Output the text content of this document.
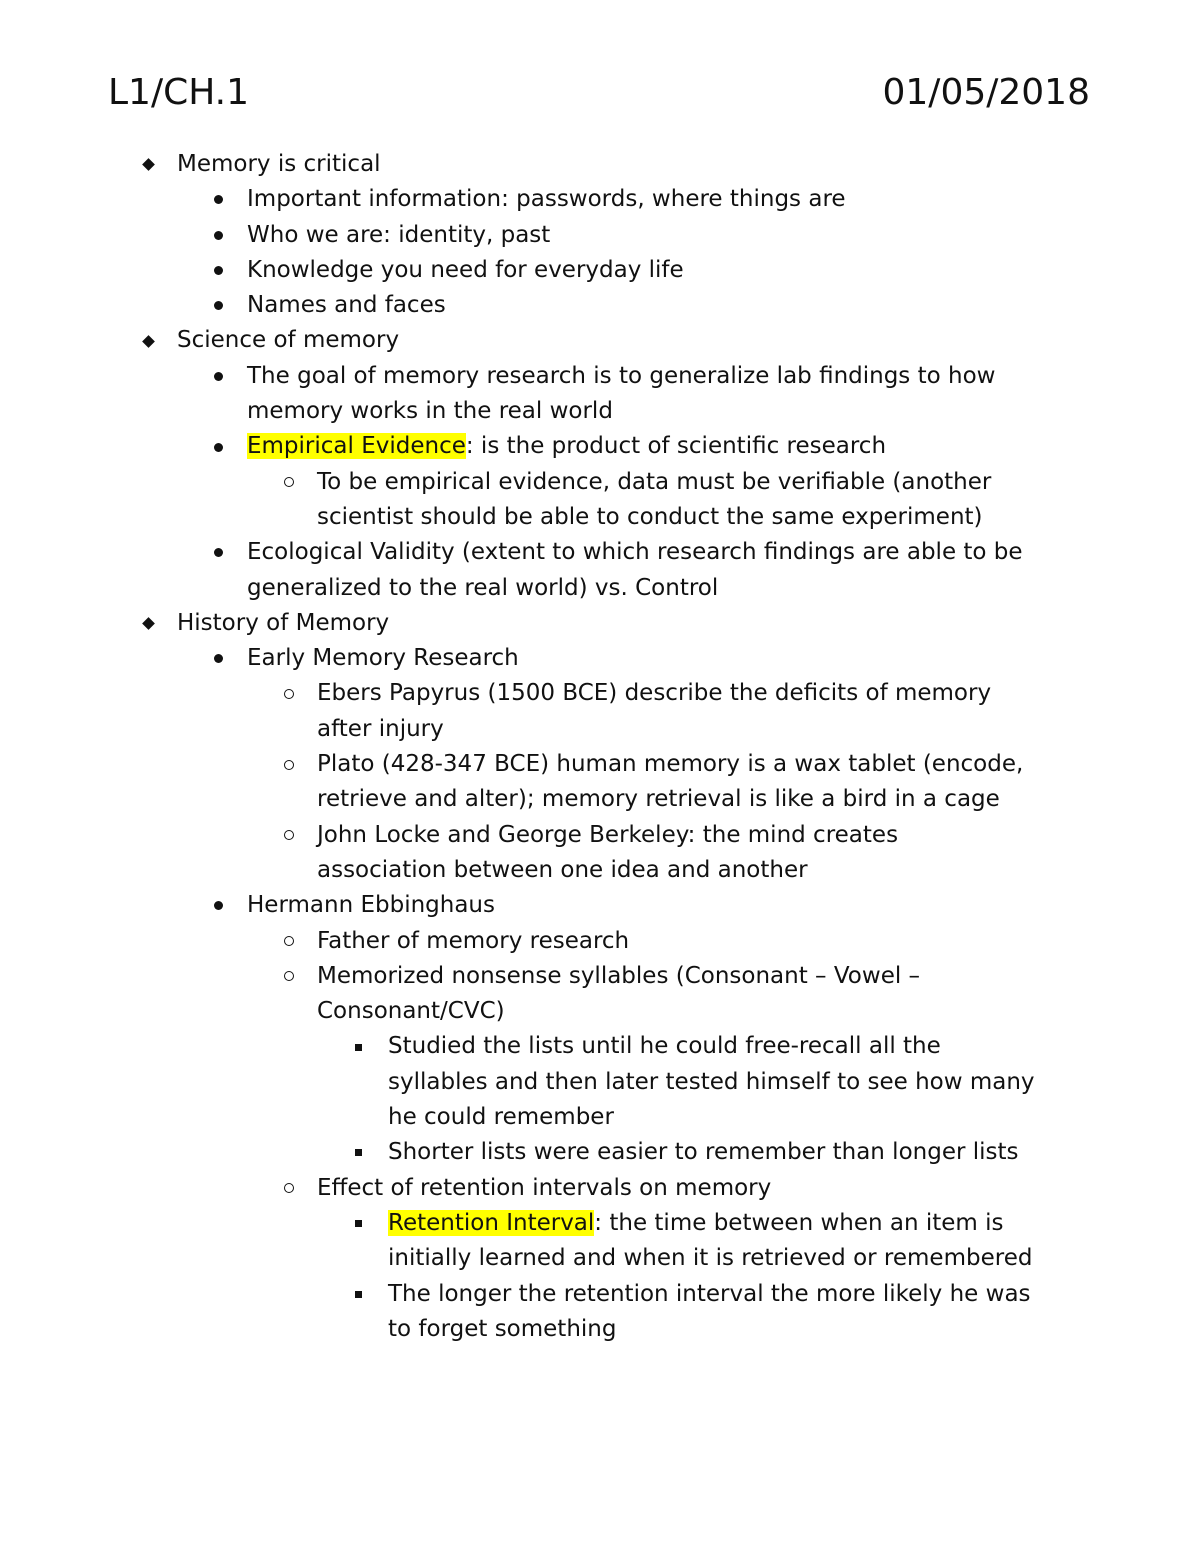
L1/CH.1	01/05/2018
Memory is critical
Important information: passwords, where things are
Who we are: identity, past
Knowledge you need for everyday life
Names and faces
Science of memory
The goal of memory research is to generalize lab findings to how
memory works in the real world
Empirical Evidence: is the product of scientific research
To be empirical evidence, data must be verifiable (another
scientist should be able to conduct the same experiment)
Ecological Validity (extent to which research findings are able to be
generalized to the real world) vs. Control
History of Memory
Early Memory Research
Ebers Papyrus (1500 BCE) describe the deficits of memory
after injury
Plato (428-347 BCE) human memory is a wax tablet (encode,
retrieve and alter); memory retrieval is like a bird in a cage
John Locke and George Berkeley: the mind creates
association between one idea and another
Hermann Ebbinghaus
Father of memory research
Memorized nonsense syllables (Consonant – Vowel –
Consonant/CVC)
Studied the lists until he could free-recall all the
syllables and then later tested himself to see how many
he could remember
Shorter lists were easier to remember than longer lists
Effect of retention intervals on memory
Retention Interval: the time between when an item is
initially learned and when it is retrieved or remembered
The longer the retention interval the more likely he was
to forget something
